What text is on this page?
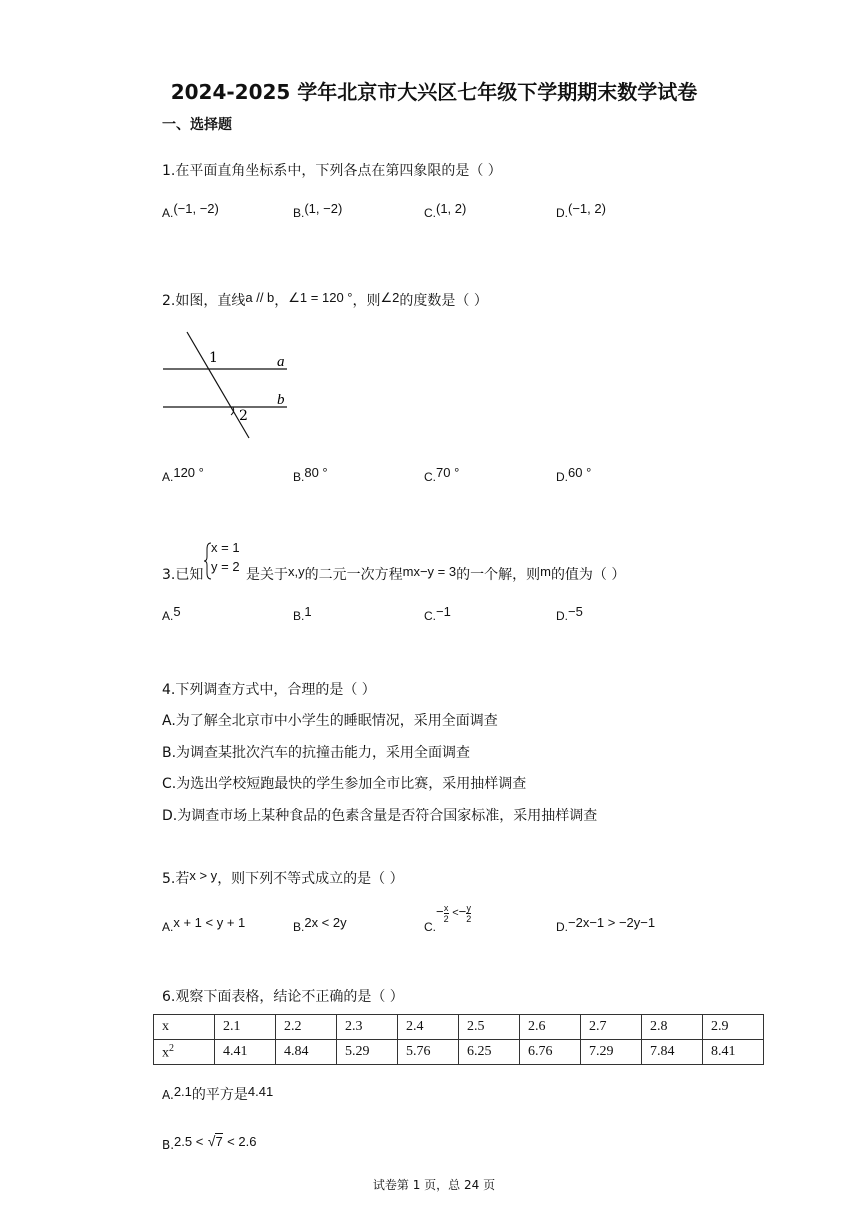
2024-2025 学年北京市大兴区七年级下学期期末数学试卷
一、选择题
1.在平面直角坐标系中，下列各点在第四象限的是（ ）
A.(−1, −2)	B.(1, −2)	C.(1, 2)	D.(−1, 2)
2.如图，直线a // b，∠1 = 120 °，则∠2的度数是（ ）
1
2
a
b
A.120 °	B.80 °	C.70 °	D.60 °
3.已知
x = 1
y = 2
是关于x,y的二元一次方程mx−y = 3的一个解，则m的值为（ ）
A.5	B.1	C.−1	D.−5
4.下列调查方式中，合理的是（ ）
A.为了解全北京市中小学生的睡眠情况，采用全面调查
B.为调查某批次汽车的抗撞击能力，采用全面调查
C.为选出学校短跑最快的学生参加全市比赛，采用抽样调查
D.为调查市场上某种食品的色素含量是否符合国家标准，采用抽样调查
5.若x > y，则下列不等式成立的是（ ）
A.x + 1 < y + 1	B.2x < 2y	$C.- \frac{x}{2} <- \frac{y}{2}$
D.−2x−1 > −2y−1
6.观察下面表格，结论不正确的是（ ）
x	2.1	2.2	2.3	2.4	2.5	2.6	2.7	2.8	2.9
$x^2$	4.41	4.84	5.29	5.76	6.25	6.76	7.29	7.84	8.41
A.2.1的平方是4.41
B.2.5 < √7 < 2.6
试卷第 1 页，总 24 页
